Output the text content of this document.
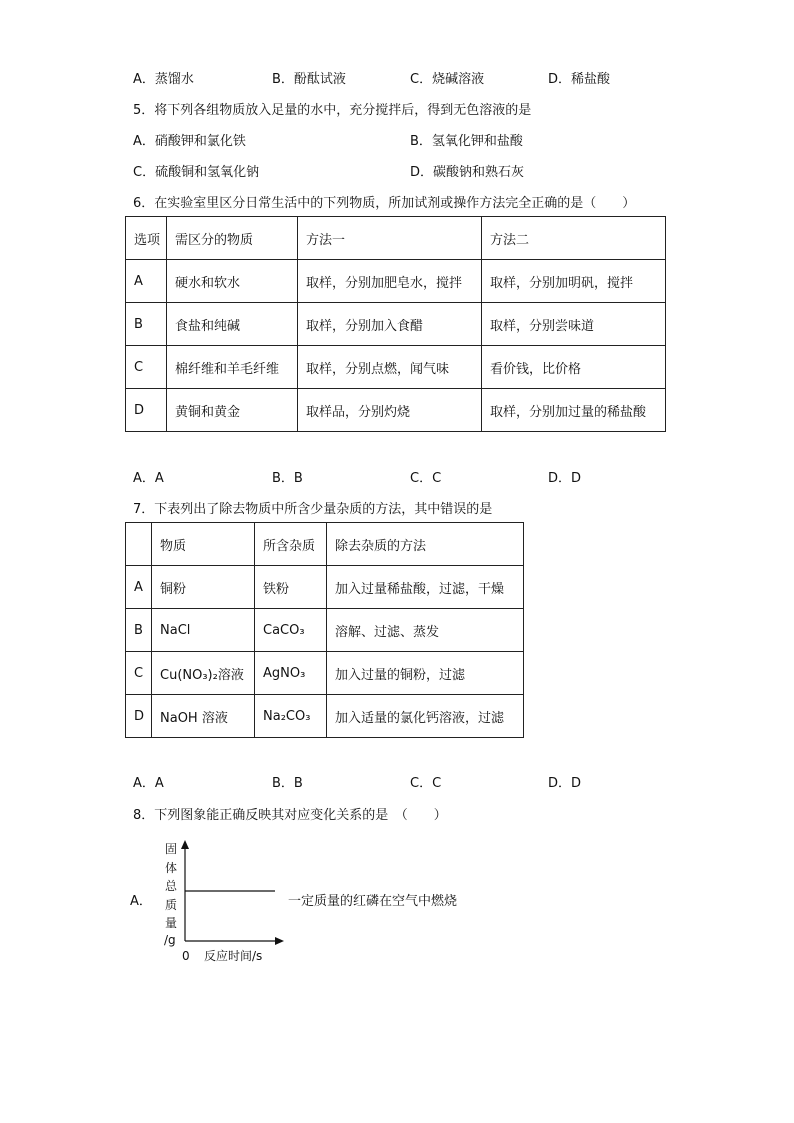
A．蒸馏水	B．酚酞试液	C．烧碱溶液	D．稀盐酸
5．将下列各组物质放入足量的水中，充分搅拌后，得到无色溶液的是
A．硝酸钾和氯化铁	B．氢氧化钾和盐酸
C．硫酸铜和氢氧化钠	D．碳酸钠和熟石灰
6．在实验室里区分日常生活中的下列物质，所加试剂或操作方法完全正确的是（　　）
选项	需区分的物质	方法一	方法二
A	硬水和软水	取样，分别加肥皂水，搅拌	取样，分别加明矾，搅拌
B	食盐和纯碱	取样，分别加入食醋	取样，分别尝味道
C	棉纤维和羊毛纤维	取样，分别点燃，闻气味	看价钱，比价格
D	黄铜和黄金	取样品，分别灼烧	取样，分别加过量的稀盐酸
A．A	B．B	C．C	D．D
7．下表列出了除去物质中所含少量杂质的方法，其中错误的是
	物质	所含杂质	除去杂质的方法
A	铜粉	铁粉	加入过量稀盐酸，过滤，干燥
B	NaCl	CaCO₃	溶解、过滤、蒸发
C	Cu(NO₃)₂溶液	AgNO₃	加入过量的铜粉，过滤
D	NaOH 溶液	Na₂CO₃	加入适量的氯化钙溶液，过滤
A．A	B．B	C．C	D．D
8．下列图象能正确反映其对应变化关系的是　（　　）
A．
固
体
总
质
量
/g
0 反应时间/s
一定质量的红磷在空气中燃烧
